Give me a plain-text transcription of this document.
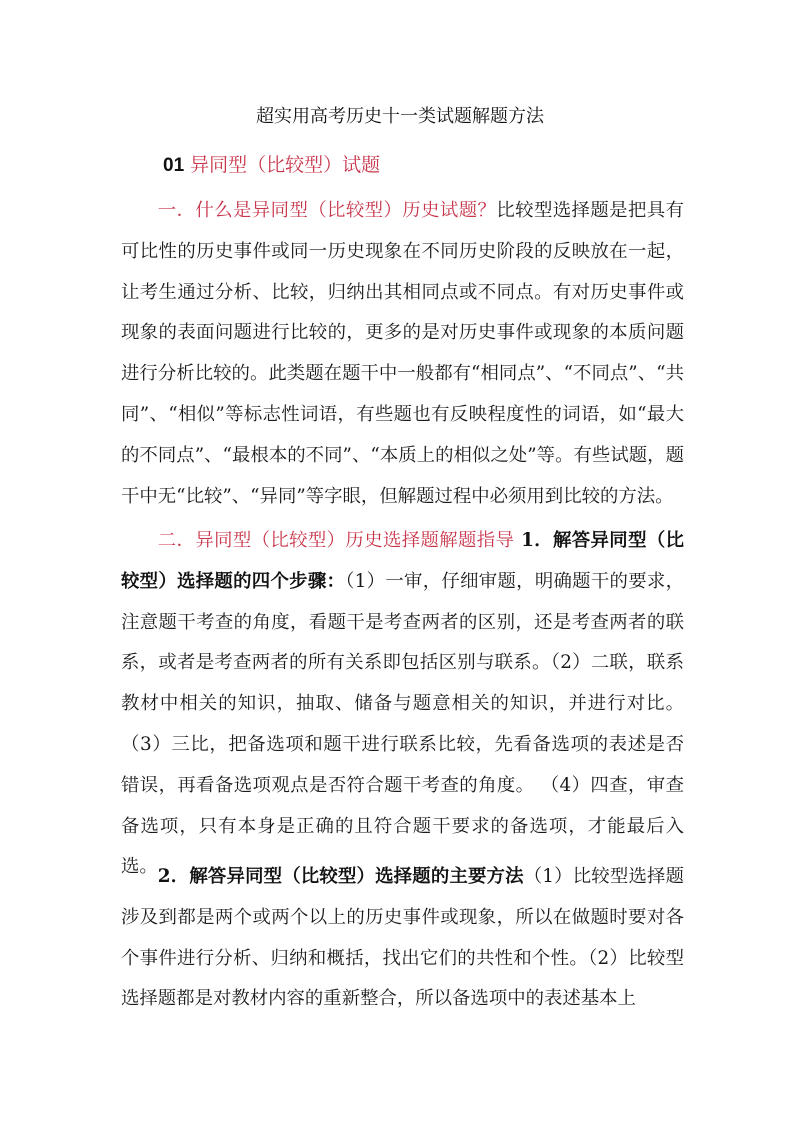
超实用高考历史十一类试题解题方法
01 异同型（比较型）试题

一．什么是异同型（比较型）历史试题？比较型选择题是把具有可比性的历史事件或同一历史现象在不同历史阶段的反映放在一起，让考生通过分析、比较，归纳出其相同点或不同点。有对历史事件或现象的表面问题进行比较的，更多的是对历史事件或现象的本质问题进行分析比较的。此类题在题干中一般都有“相同点”、“不同点”、“共同”、“相似”等标志性词语，有些题也有反映程度性的词语，如“最大的不同点”、“最根本的不同”、“本质上的相似之处”等。有些试题，题干中无“比较”、“异同”等字眼，但解题过程中必须用到比较的方法。

二．异同型（比较型）历史选择题解题指导 1．解答异同型（比较型）选择题的四个步骤：（1）一审，仔细审题，明确题干的要求，注意题干考查的角度，看题干是考查两者的区别，还是考查两者的联系，或者是考查两者的所有关系即包括区别与联系。（2）二联，联系教材中相关的知识，抽取、储备与题意相关的知识，并进行对比。（3）三比，把备选项和题干进行联系比较，先看备选项的表述是否错误，再看备选项观点是否符合题干考查的角度。 （4）四查，审查备选项，只有本身是正确的且符合题干要求的备选项，才能最后入选。 2．解答异同型（比较型）选择题的主要方法（1）比较型选择题涉及到都是两个或两个以上的历史事件或现象，所以在做题时要对各个事件进行分析、归纳和概括，找出它们的共性和个性。（2）比较型选择题都是对教材内容的重新整合，所以备选项中的表述基本上
